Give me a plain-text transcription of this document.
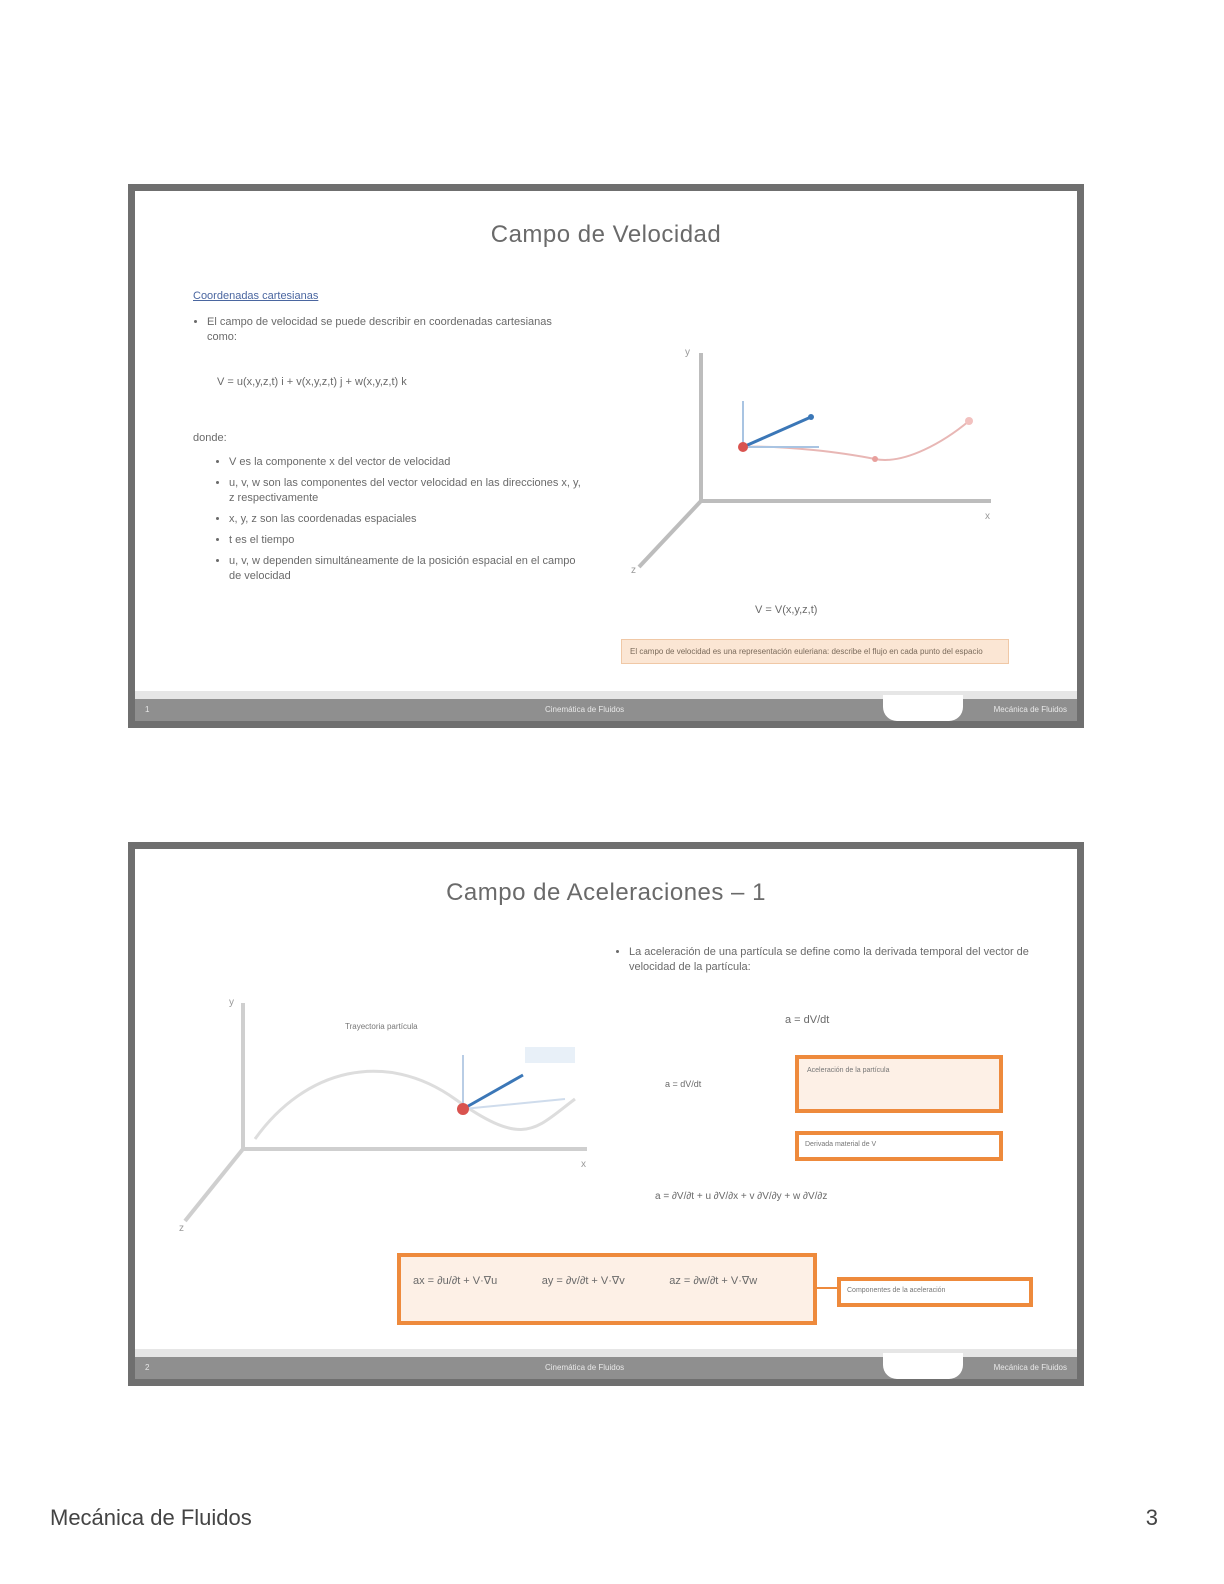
Campo de Velocidad
Coordenadas cartesianas
• El campo de velocidad se puede describir en coordenadas cartesianas como:
V = u(x,y,z,t) i + v(x,y,z,t) j + w(x,y,z,t) k
donde:
• V es la componente x del vector de velocidad
• u, v, w son las componentes del vector velocidad en las direcciones x, y, z respectivamente
• x, y, z son las coordenadas espaciales
• t es el tiempo
• u, v, w dependen simultáneamente de la posición espacial en el campo de velocidad
x
y
z
V = V(x,y,z,t)
El campo de velocidad es una representación euleriana: describe el flujo en cada punto del espacio
1	Cinemática de Fluidos	Mecánica de Fluidos
Campo de Aceleraciones – 1
• La aceleración de una partícula se define como la derivada temporal del vector de velocidad de la partícula:
a = dV/dt
a = dV/dt
Aceleración de la partícula
Derivada material de V
a = ∂V/∂t + u ∂V/∂x + v ∂V/∂y + w ∂V/∂z
Trayectoria partícula
x
y
z
ax = ∂u/∂t + V·∇u	ay = ∂v/∂t + V·∇v	az = ∂w/∂t + V·∇w
Componentes de la aceleración
2	Cinemática de Fluidos	Mecánica de Fluidos
Mecánica de Fluidos	3
